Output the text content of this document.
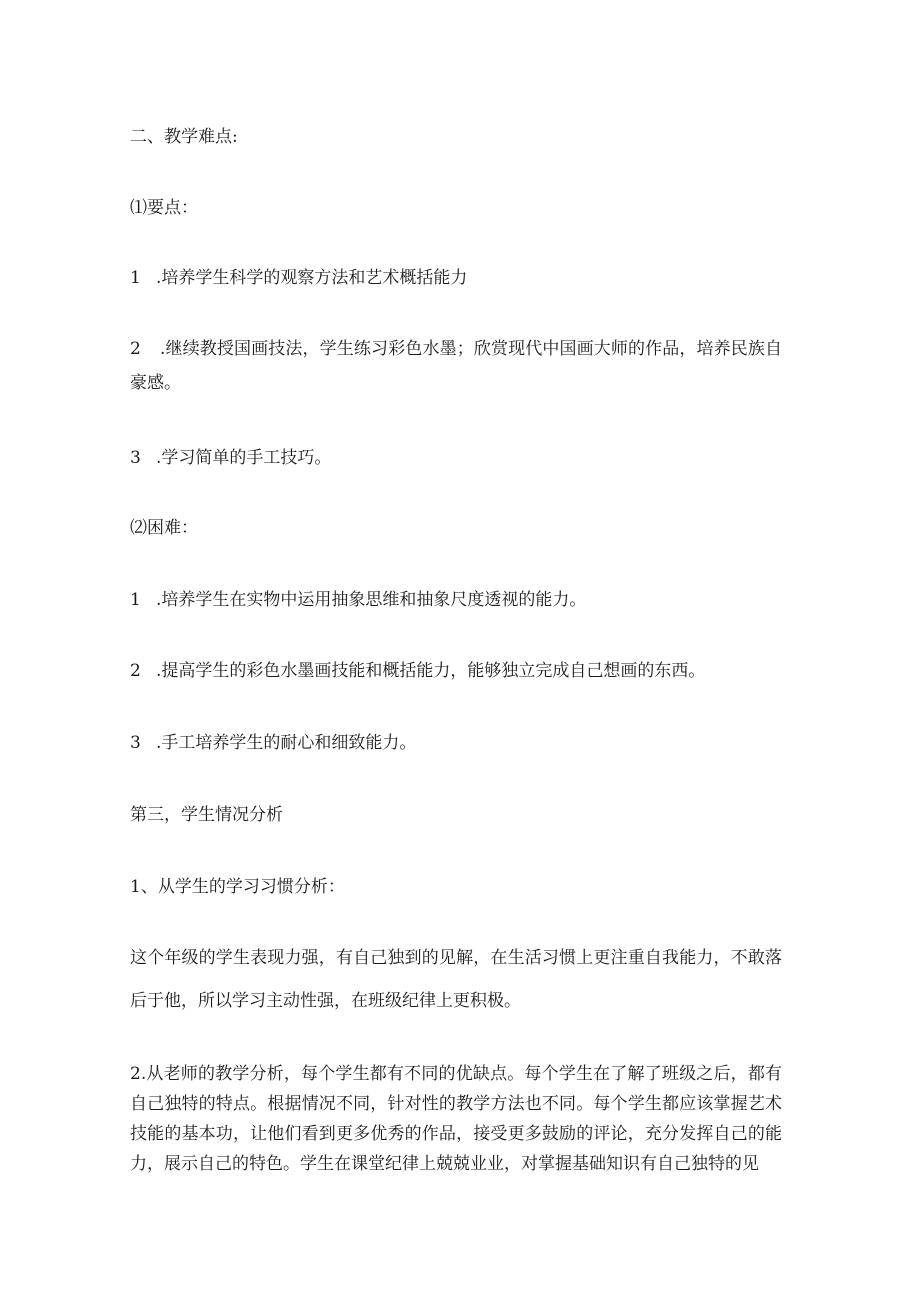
二、教学难点:

⑴要点：

1 .培养学生科学的观察方法和艺术概括能力

2 .继续教授国画技法，学生练习彩色水墨；欣赏现代中国画大师的作品，培养民族自豪感。

3 .学习简单的手工技巧。

⑵困难：

1 .培养学生在实物中运用抽象思维和抽象尺度透视的能力。

2 .提高学生的彩色水墨画技能和概括能力，能够独立完成自己想画的东西。

3 .手工培养学生的耐心和细致能力。

第三，学生情况分析

1、从学生的学习习惯分析：

这个年级的学生表现力强，有自己独到的见解，在生活习惯上更注重自我能力，不敢落后于他，所以学习主动性强，在班级纪律上更积极。

2.从老师的教学分析，每个学生都有不同的优缺点。每个学生在了解了班级之后，都有自己独特的特点。根据情况不同，针对性的教学方法也不同。每个学生都应该掌握艺术技能的基本功，让他们看到更多优秀的作品，接受更多鼓励的评论，充分发挥自己的能力，展示自己的特色。学生在课堂纪律上兢兢业业，对掌握基础知识有自己独特的见
